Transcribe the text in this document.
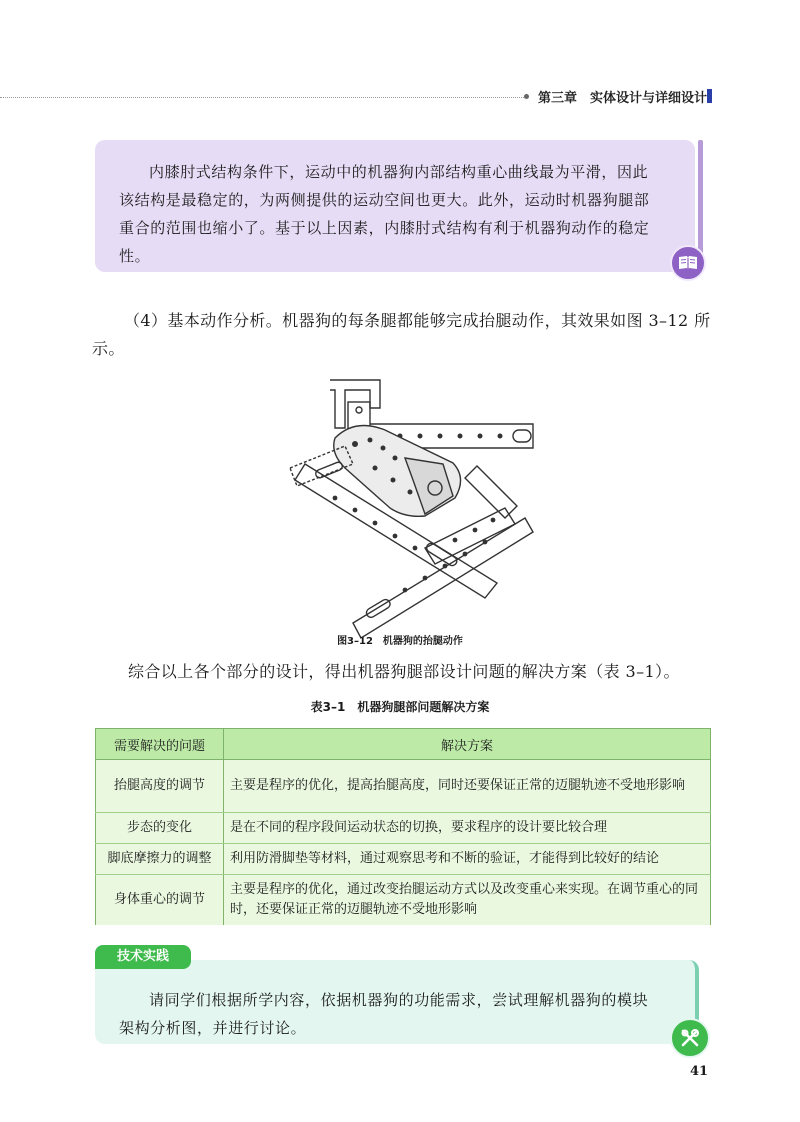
第三章　实体设计与详细设计

内膝肘式结构条件下，运动中的机器狗内部结构重心曲线最为平滑，因此该结构是最稳定的，为两侧提供的运动空间也更大。此外，运动时机器狗腿部重合的范围也缩小了。基于以上因素，内膝肘式结构有利于机器狗动作的稳定性。

（4）基本动作分析。机器狗的每条腿都能够完成抬腿动作，其效果如图 3–12 所示。

图3–12　机器狗的抬腿动作

综合以上各个部分的设计，得出机器狗腿部设计问题的解决方案（表 3–1）。

表3–1　机器狗腿部问题解决方案
需要解决的问题	解决方案
抬腿高度的调节	主要是程序的优化，提高抬腿高度，同时还要保证正常的迈腿轨迹不受地形影响
步态的变化	是在不同的程序段间运动状态的切换，要求程序的设计要比较合理
脚底摩擦力的调整	利用防滑脚垫等材料，通过观察思考和不断的验证，才能得到比较好的结论
身体重心的调节	主要是程序的优化，通过改变抬腿运动方式以及改变重心来实现。在调节重心的同时，还要保证正常的迈腿轨迹不受地形影响

请同学们根据所学内容，依据机器狗的功能需求，尝试理解机器狗的模块架构分析图，并进行讨论。

技术实践
41
